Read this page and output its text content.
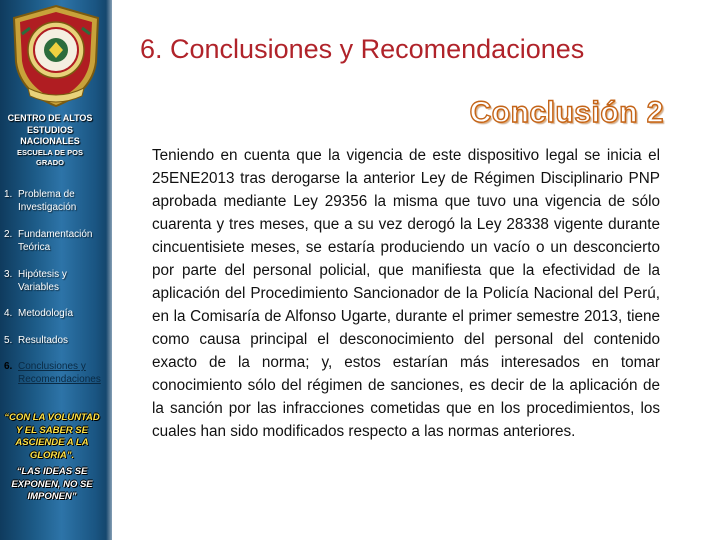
CENTRO DE ALTOS
ESTUDIOS
NACIONALES

ESCUELA DE POS
GRADO
1. Problema de Investigación
2. Fundamentación Teórica
3. Hipótesis y Variables
4. Metodología
5. Resultados
6. Conclusiones y Recomendaciones
“CON LA VOLUNTAD Y EL SABER SE ASCIENDE A LA GLORIA”.
“LAS IDEAS SE EXPONEN, NO SE IMPONEN”
6. Conclusiones y Recomendaciones
Conclusión 2
Teniendo en cuenta que la vigencia de este dispositivo legal se inicia el 25ENE2013 tras derogarse la anterior Ley de Régimen Disciplinario PNP aprobada mediante Ley 29356 la misma que tuvo una vigencia de sólo cuarenta y tres meses, que a su vez derogó la Ley 28338 vigente durante cincuentisiete meses, se estaría produciendo un vacío o un desconcierto por parte del personal policial, que manifiesta que la efectividad de la aplicación del Procedimiento Sancionador de la Policía Nacional del Perú, en la Comisaría de Alfonso Ugarte, durante el primer semestre 2013, tiene como causa principal el desconocimiento del personal del contenido exacto de la norma; y, estos estarían más interesados en tomar conocimiento sólo del régimen de sanciones, es decir de la aplicación de la sanción por las infracciones cometidas que en los procedimientos, los cuales han sido modificados respecto a las normas anteriores.
